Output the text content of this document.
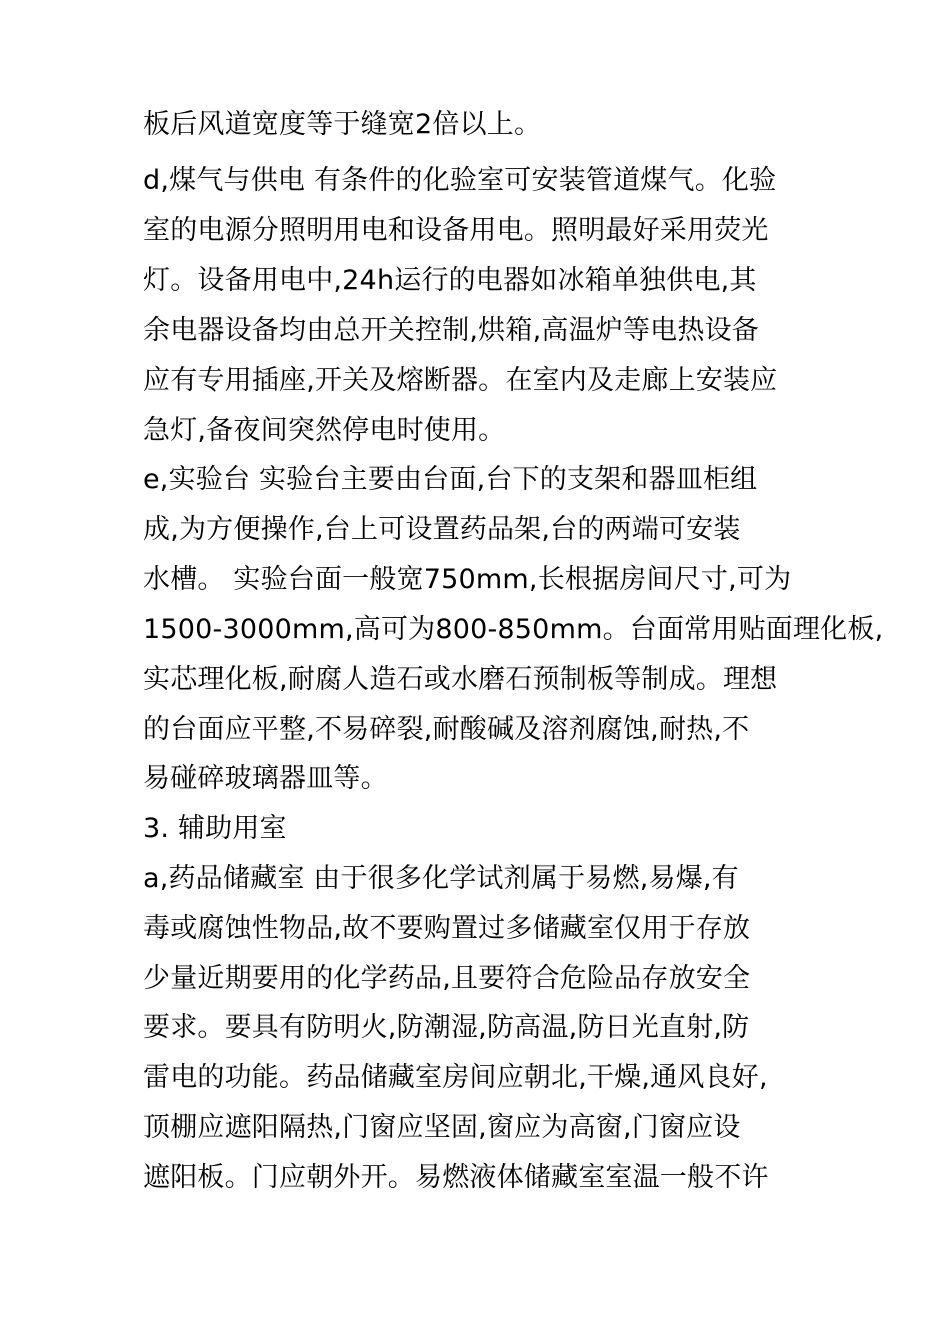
板后风道宽度等于缝宽2倍以上。
d,煤气与供电 有条件的化验室可安装管道煤气。化验
室的电源分照明用电和设备用电。照明最好采用荧光
灯。设备用电中,24h运行的电器如冰箱单独供电,其
余电器设备均由总开关控制,烘箱,高温炉等电热设备
应有专用插座,开关及熔断器。在室内及走廊上安装应
急灯,备夜间突然停电时使用。
e,实验台 实验台主要由台面,台下的支架和器皿柜组
成,为方便操作,台上可设置药品架,台的两端可安装
水槽。 实验台面一般宽750mm,长根据房间尺寸,可为
1500-3000mm,高可为800-850mm。台面常用贴面理化板,
实芯理化板,耐腐人造石或水磨石预制板等制成。理想
的台面应平整,不易碎裂,耐酸碱及溶剂腐蚀,耐热,不
易碰碎玻璃器皿等。
3. 辅助用室
a,药品储藏室 由于很多化学试剂属于易燃,易爆,有
毒或腐蚀性物品,故不要购置过多储藏室仅用于存放
少量近期要用的化学药品,且要符合危险品存放安全
要求。要具有防明火,防潮湿,防高温,防日光直射,防
雷电的功能。药品储藏室房间应朝北,干燥,通风良好,
顶棚应遮阳隔热,门窗应坚固,窗应为高窗,门窗应设
遮阳板。门应朝外开。易燃液体储藏室室温一般不许
